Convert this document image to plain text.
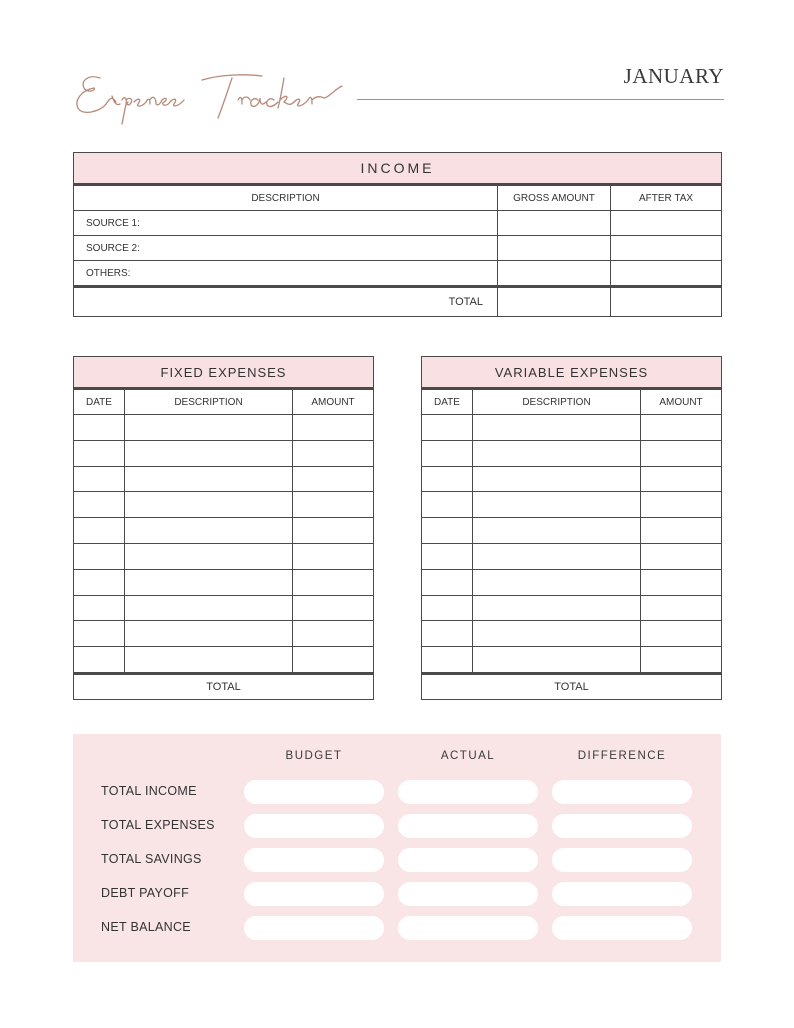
JANUARY
INCOME		
DESCRIPTION	GROSS AMOUNT	AFTER TAX
SOURCE 1:		
SOURCE 2:		
OTHERS:		
TOTAL		
FIXED EXPENSES		
DATE	DESCRIPTION	AMOUNT

TOTAL		
VARIABLE EXPENSES		
DATE	DESCRIPTION	AMOUNT

TOTAL		
BUDGET	ACTUAL	DIFFERENCE
TOTAL INCOME
TOTAL EXPENSES
TOTAL SAVINGS
DEBT PAYOFF
NET BALANCE
